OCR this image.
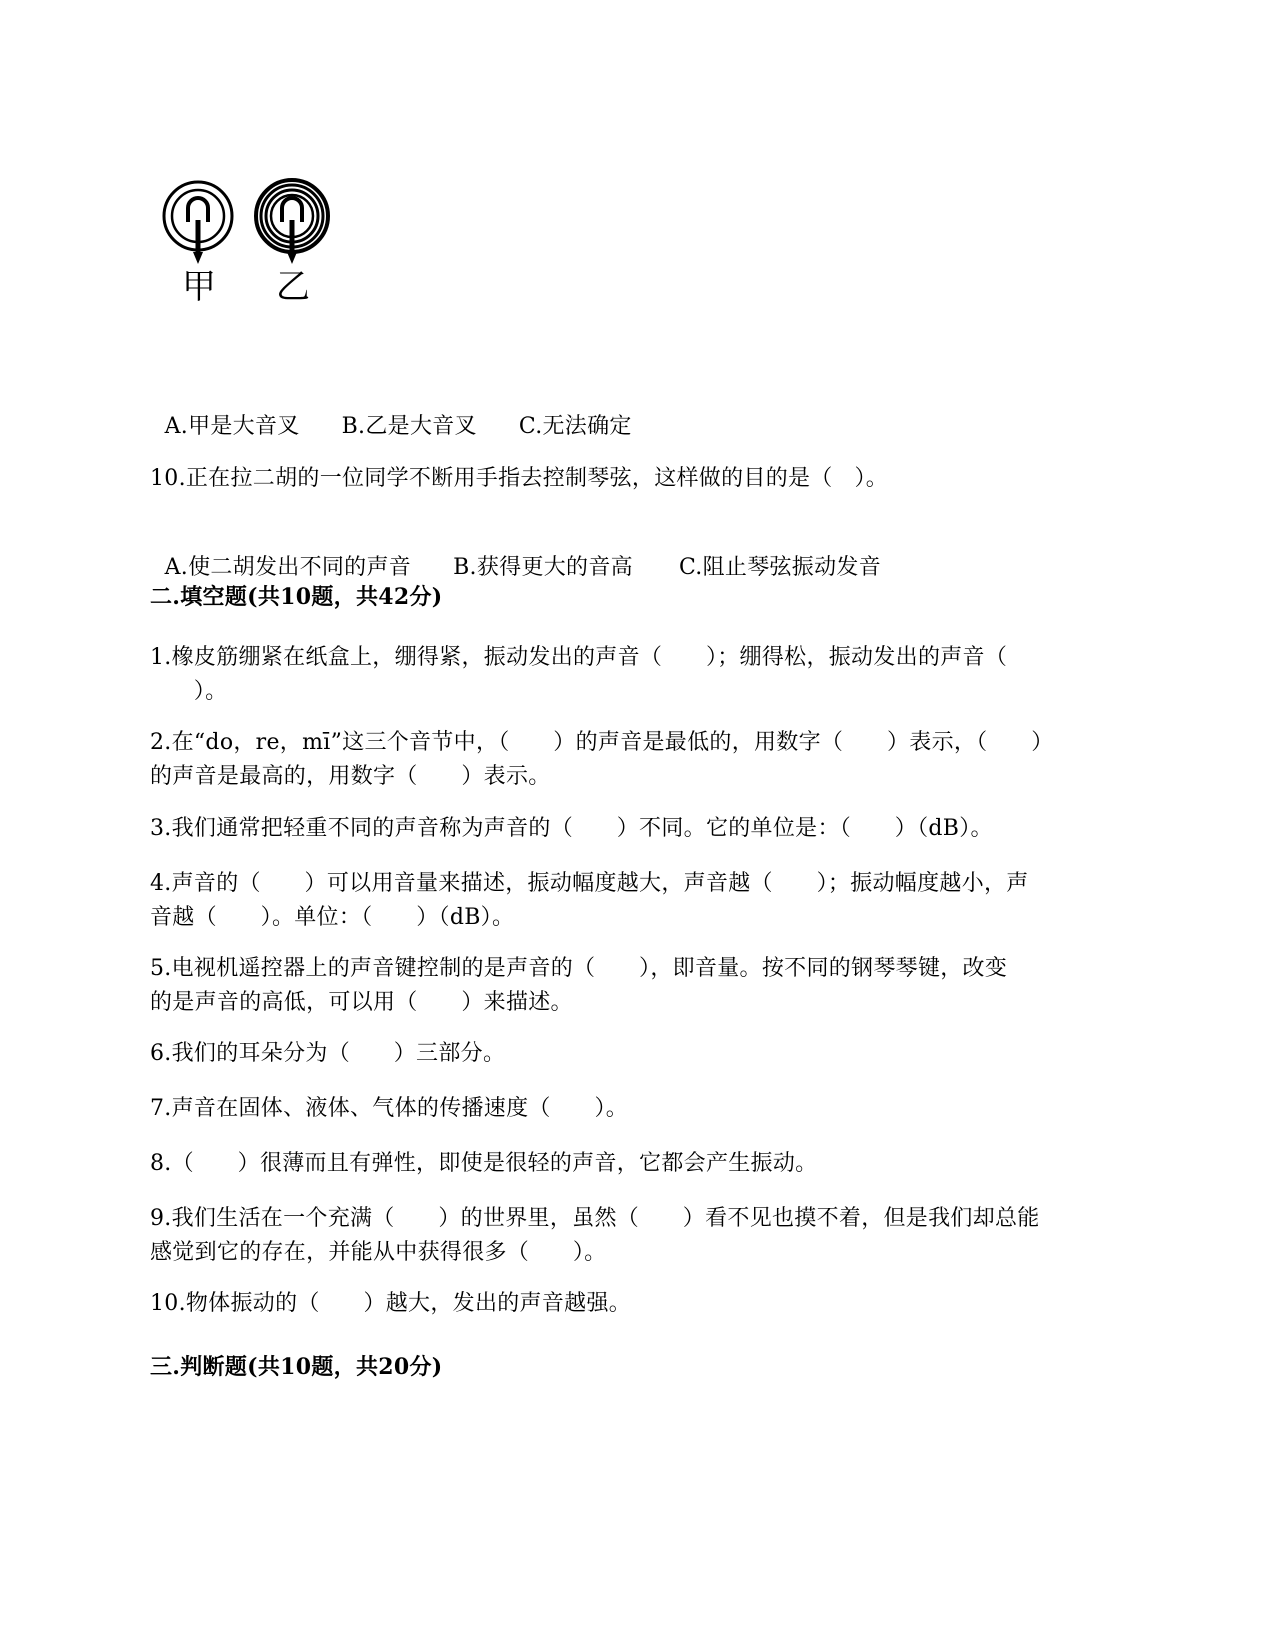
甲 乙

A.甲是大音叉 B.乙是大音叉 C.无法确定

10.正在拉二胡的一位同学不断用手指去控制琴弦，这样做的目的是（   ）。

A.使二胡发出不同的声音 B.获得更大的音高 C.阻止琴弦振动发音

二.填空题(共10题，共42分)
1.橡皮筋绷紧在纸盒上，绷得紧，振动发出的声音（      ）；绷得松，振动发出的声音（
）。
2.在“do，re，mī”这三个音节中，（      ）的声音是最低的，用数字（      ）表示，（      ）
的声音是最高的，用数字（      ）表示。
3.我们通常把轻重不同的声音称为声音的（      ）不同。它的单位是：（      ）（dB）。
4.声音的（      ）可以用音量来描述，振动幅度越大，声音越（      ）；振动幅度越小，声
音越（      ）。单位：（      ）（dB）。
5.电视机遥控器上的声音键控制的是声音的（      ），即音量。按不同的钢琴琴键，改变
的是声音的高低，可以用（      ）来描述。
6.我们的耳朵分为（      ）三部分。
7.声音在固体、液体、气体的传播速度（      ）。
8.（      ）很薄而且有弹性，即使是很轻的声音，它都会产生振动。
9.我们生活在一个充满（      ）的世界里，虽然（      ）看不见也摸不着，但是我们却总能
感觉到它的存在，并能从中获得很多（      ）。
10.物体振动的（      ）越大，发出的声音越强。
三.判断题(共10题，共20分)
